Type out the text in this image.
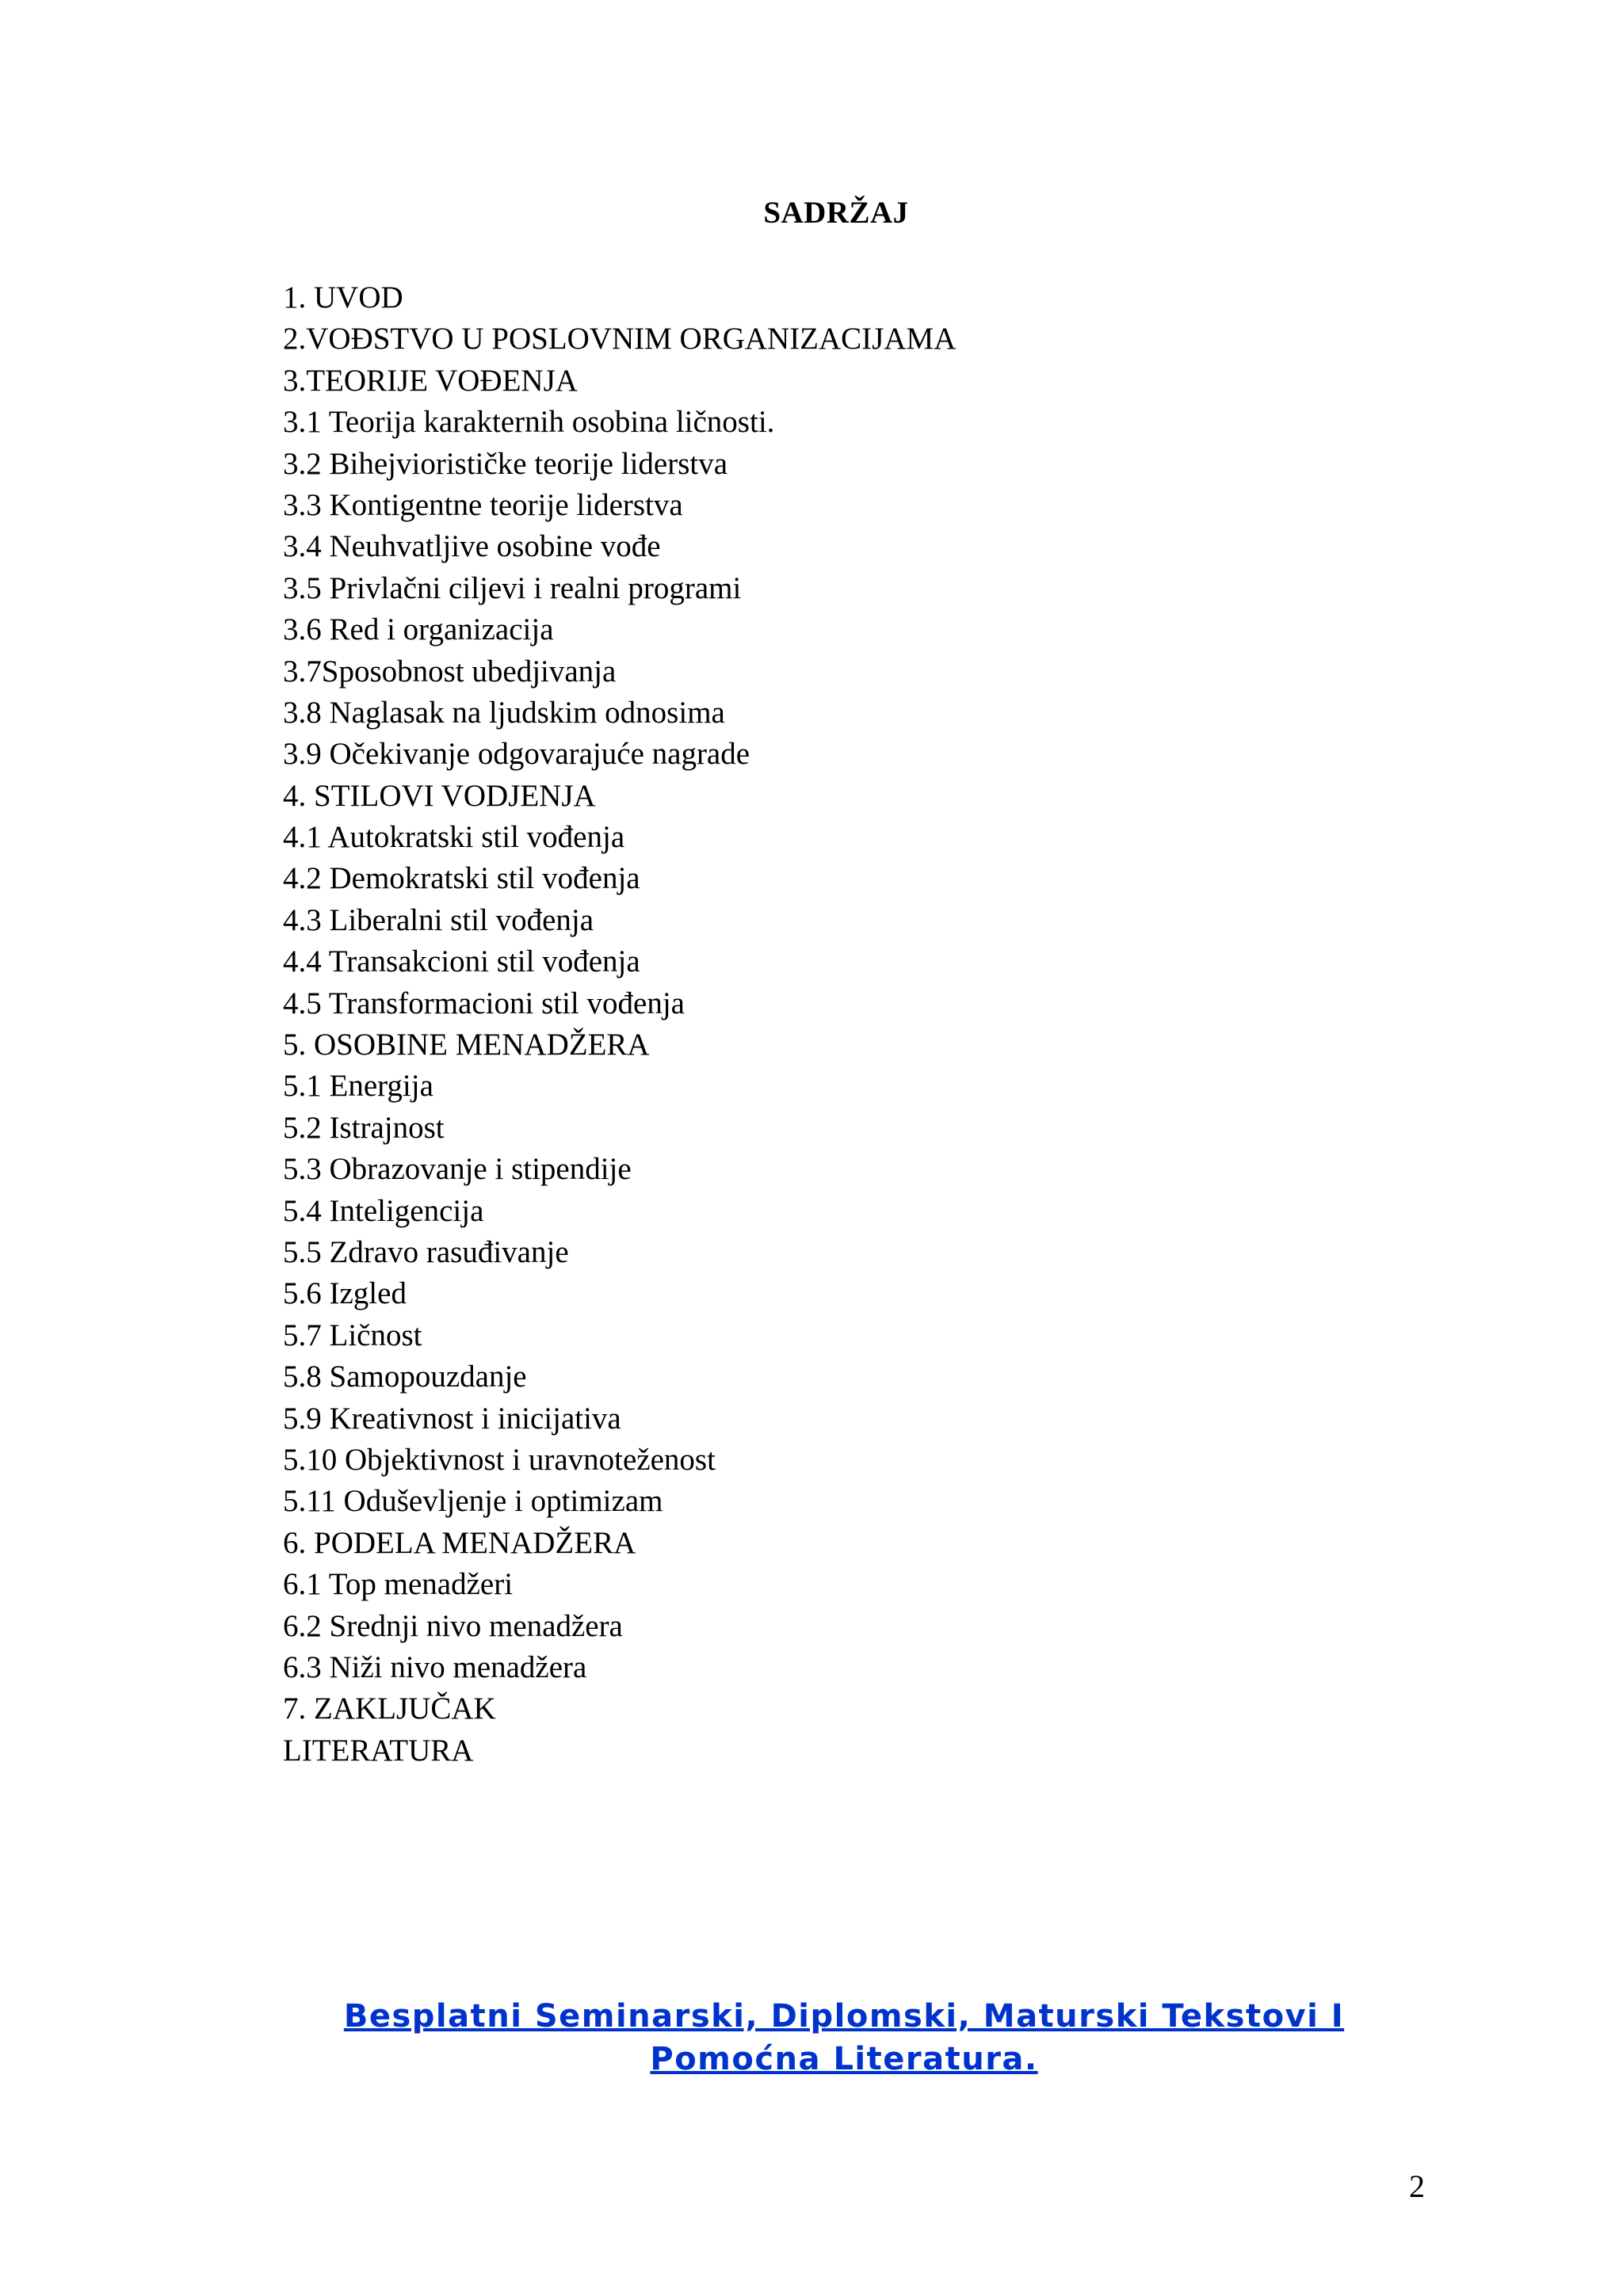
SADRŽAJ
1. UVOD
2.VOĐSTVO U POSLOVNIM ORGANIZACIJAMA
3.TEORIJE VOĐENJA
3.1 Teorija karakternih osobina ličnosti.
3.2 Bihejviorističke teorije liderstva
3.3 Kontigentne teorije liderstva
3.4 Neuhvatljive osobine vođe
3.5 Privlačni ciljevi i realni programi
3.6 Red i organizacija
3.7Sposobnost ubedjivanja
3.8 Naglasak na ljudskim odnosima
3.9 Očekivanje odgovarajuće nagrade
4. STILOVI VODJENJA
4.1 Autokratski stil vođenja
4.2 Demokratski stil vođenja
4.3 Liberalni stil vođenja
4.4 Transakcioni stil vođenja
4.5 Transformacioni stil vođenja
5. OSOBINE MENADŽERA
5.1 Energija
5.2 Istrajnost
5.3 Obrazovanje i stipendije
5.4 Inteligencija
5.5 Zdravo rasuđivanje
5.6 Izgled
5.7 Ličnost
5.8 Samopouzdanje
5.9 Kreativnost i inicijativa
5.10 Objektivnost i uravnoteženost
5.11 Oduševljenje i optimizam
6. PODELA MENADŽERA
6.1 Top menadžeri
6.2 Srednji nivo menadžera
6.3 Niži nivo menadžera
7. ZAKLJUČAK
LITERATURA
Besplatni Seminarski, Diplomski, Maturski Tekstovi I
Pomoćna Literatura.
2
